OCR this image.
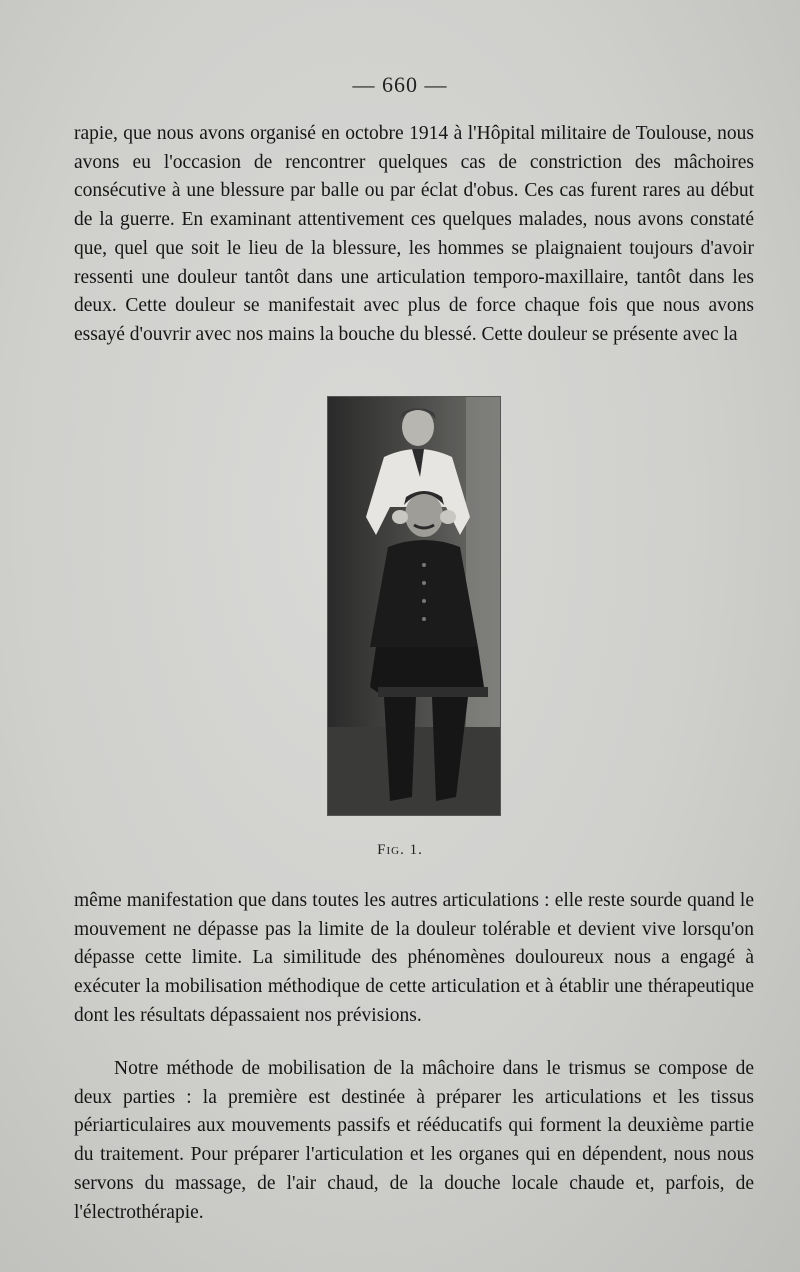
— 660 —

rapie, que nous avons organisé en octobre 1914 à l'Hôpital militaire de Toulouse, nous avons eu l'occasion de rencontrer quelques cas de constriction des mâchoires consécutive à une blessure par balle ou par éclat d'obus. Ces cas furent rares au début de la guerre. En examinant attentivement ces quelques malades, nous avons constaté que, quel que soit le lieu de la blessure, les hommes se plaignaient toujours d'avoir ressenti une douleur tantôt dans une articulation temporo-maxillaire, tantôt dans les deux. Cette douleur se manifestait avec plus de force chaque fois que nous avons essayé d'ouvrir avec nos mains la bouche du blessé. Cette douleur se présente avec la

Fig. 1.

même manifestation que dans toutes les autres articulations : elle reste sourde quand le mouvement ne dépasse pas la limite de la douleur tolérable et devient vive lorsqu'on dépasse cette limite. La similitude des phénomènes douloureux nous a engagé à exécuter la mobilisation méthodique de cette articulation et à établir une thérapeutique dont les résultats dépassaient nos prévisions.

Notre méthode de mobilisation de la mâchoire dans le trismus se compose de deux parties : la première est destinée à préparer les articulations et les tissus périarticulaires aux mouvements passifs et rééducatifs qui forment la deuxième partie du traitement. Pour préparer l'articulation et les organes qui en dépendent, nous nous servons du massage, de l'air chaud, de la douche locale chaude et, parfois, de l'électrothérapie.
